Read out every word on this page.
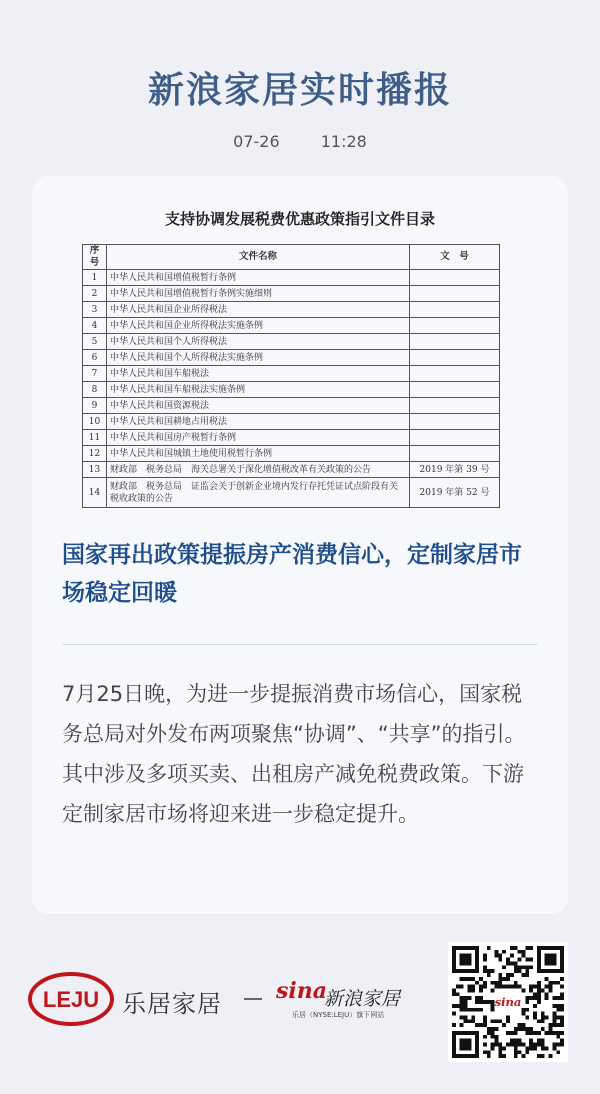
新浪家居实时播报
07-26	11:28
支持协调发展税费优惠政策指引文件目录
序号	文件名称	文　号
1	中华人民共和国增值税暂行条例	
2	中华人民共和国增值税暂行条例实施细则	
3	中华人民共和国企业所得税法	
4	中华人民共和国企业所得税法实施条例	
5	中华人民共和国个人所得税法	
6	中华人民共和国个人所得税法实施条例	
7	中华人民共和国车船税法	
8	中华人民共和国车船税法实施条例	
9	中华人民共和国资源税法	
10	中华人民共和国耕地占用税法	
11	中华人民共和国房产税暂行条例	
12	中华人民共和国城镇土地使用税暂行条例	
13	财政部　税务总局　海关总署关于深化增值税改革有关政策的公告	2019 年第 39 号
14	财政部　税务总局　证监会关于创新企业境内发行存托凭证试点阶段有关税收政策的公告	2019 年第 52 号
国家再出政策提振房产消费信心，定制家居市场稳定回暖
7月25日晚，为进一步提振消费市场信心，国家税务总局对外发布两项聚焦“协调”、“共享”的指引。其中涉及多项买卖、出租房产减免税费政策。下游定制家居市场将迎来进一步稳定提升。
LEJU 乐居家居 sina
新浪家居
乐居（NYSE:LEJU）旗下网站
sina
